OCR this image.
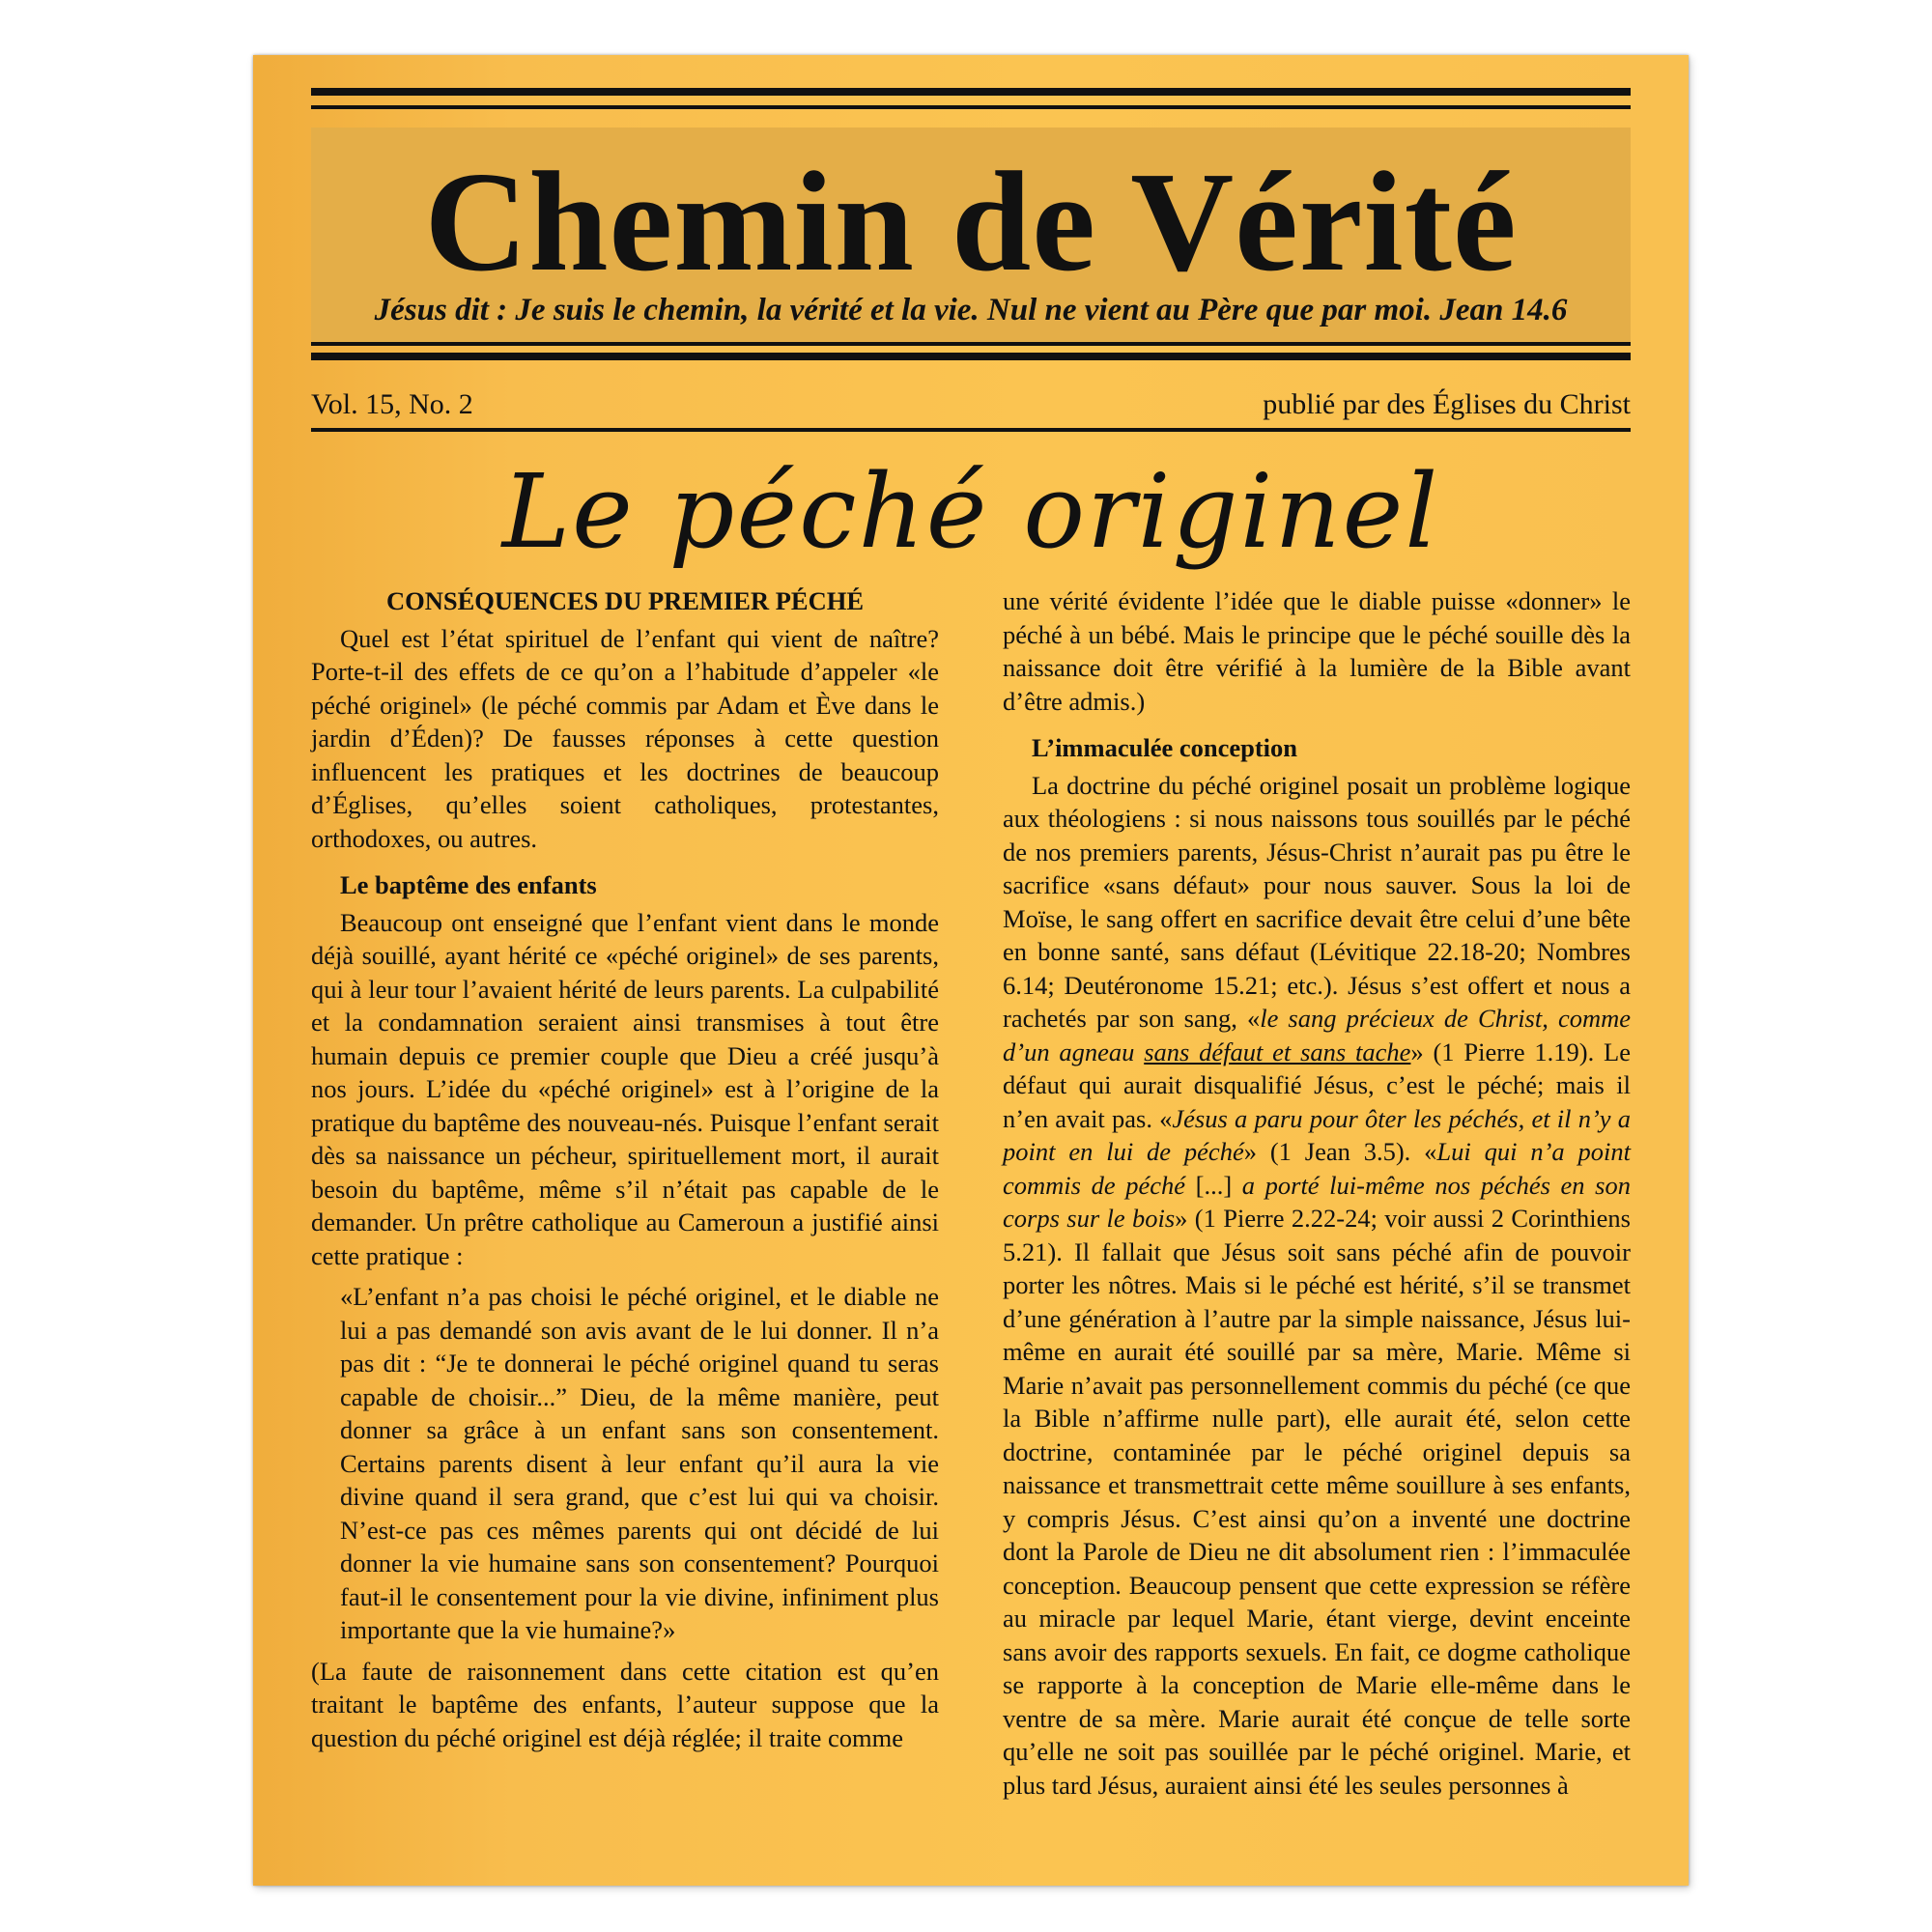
Chemin de Vérité
Jésus dit : Je suis le chemin, la vérité et la vie. Nul ne vient au Père que par moi. Jean 14.6
Vol. 15, No. 2	publié par des Églises du Christ
Le péché originel

CONSÉQUENCES DU PREMIER PÉCHÉ

Quel est l’état spirituel de l’enfant qui vient de naître? Porte-t-il des effets de ce qu’on a l’habitude d’appeler «le péché originel» (le péché commis par Adam et Ève dans le jardin d’Éden)? De fausses réponses à cette question influencent les pratiques et les doctrines de beaucoup d’Églises, qu’elles soient catholiques, protestantes, orthodoxes, ou autres.

Le baptême des enfants

Beaucoup ont enseigné que l’enfant vient dans le monde déjà souillé, ayant hérité ce «péché originel» de ses parents, qui à leur tour l’avaient hérité de leurs parents. La culpabilité et la condamnation seraient ainsi transmises à tout être humain depuis ce premier couple que Dieu a créé jusqu’à nos jours. L’idée du «péché originel» est à l’origine de la pratique du baptême des nouveau-nés. Puisque l’enfant serait dès sa naissance un pécheur, spirituellement mort, il aurait besoin du baptême, même s’il n’était pas capable de le demander. Un prêtre catholique au Cameroun a justifié ainsi cette pratique :

«L’enfant n’a pas choisi le péché originel, et le diable ne lui a pas demandé son avis avant de le lui donner. Il n’a pas dit : “Je te donnerai le péché originel quand tu seras capable de choisir...” Dieu, de la même manière, peut donner sa grâce à un enfant sans son consentement. Certains parents disent à leur enfant qu’il aura la vie divine quand il sera grand, que c’est lui qui va choisir. N’est-ce pas ces mêmes parents qui ont décidé de lui donner la vie humaine sans son consentement? Pourquoi faut-il le consentement pour la vie divine, infiniment plus importante que la vie humaine?»

(La faute de raisonnement dans cette citation est qu’en traitant le baptême des enfants, l’auteur suppose que la question du péché originel est déjà réglée; il traite comme

une vérité évidente l’idée que le diable puisse «donner» le péché à un bébé. Mais le principe que le péché souille dès la naissance doit être vérifié à la lumière de la Bible avant d’être admis.)

L’immaculée conception

La doctrine du péché originel posait un problème logique aux théologiens : si nous naissons tous souillés par le péché de nos premiers parents, Jésus-Christ n’aurait pas pu être le sacrifice «sans défaut» pour nous sauver. Sous la loi de Moïse, le sang offert en sacrifice devait être celui d’une bête en bonne santé, sans défaut (Lévitique 22.18-20; Nombres 6.14; Deutéronome 15.21; etc.). Jésus s’est offert et nous a rachetés par son sang, «le sang précieux de Christ, comme d’un agneau sans défaut et sans tache» (1 Pierre 1.19). Le défaut qui aurait disqualifié Jésus, c’est le péché; mais il n’en avait pas. «Jésus a paru pour ôter les péchés, et il n’y a point en lui de péché» (1 Jean 3.5). «Lui qui n’a point commis de péché [...] a porté lui-même nos péchés en son corps sur le bois» (1 Pierre 2.22-24; voir aussi 2 Corinthiens 5.21). Il fallait que Jésus soit sans péché afin de pouvoir porter les nôtres. Mais si le péché est hérité, s’il se transmet d’une génération à l’autre par la simple naissance, Jésus lui-même en aurait été souillé par sa mère, Marie. Même si Marie n’avait pas personnellement commis du péché (ce que la Bible n’affirme nulle part), elle aurait été, selon cette doctrine, contaminée par le péché originel depuis sa naissance et transmettrait cette même souillure à ses enfants, y compris Jésus. C’est ainsi qu’on a inventé une doctrine dont la Parole de Dieu ne dit absolument rien : l’immaculée conception. Beaucoup pensent que cette expression se réfère au miracle par lequel Marie, étant vierge, devint enceinte sans avoir des rapports sexuels. En fait, ce dogme catholique se rapporte à la conception de Marie elle-même dans le ventre de sa mère. Marie aurait été conçue de telle sorte qu’elle ne soit pas souillée par le péché originel. Marie, et plus tard Jésus, auraient ainsi été les seules personnes à
